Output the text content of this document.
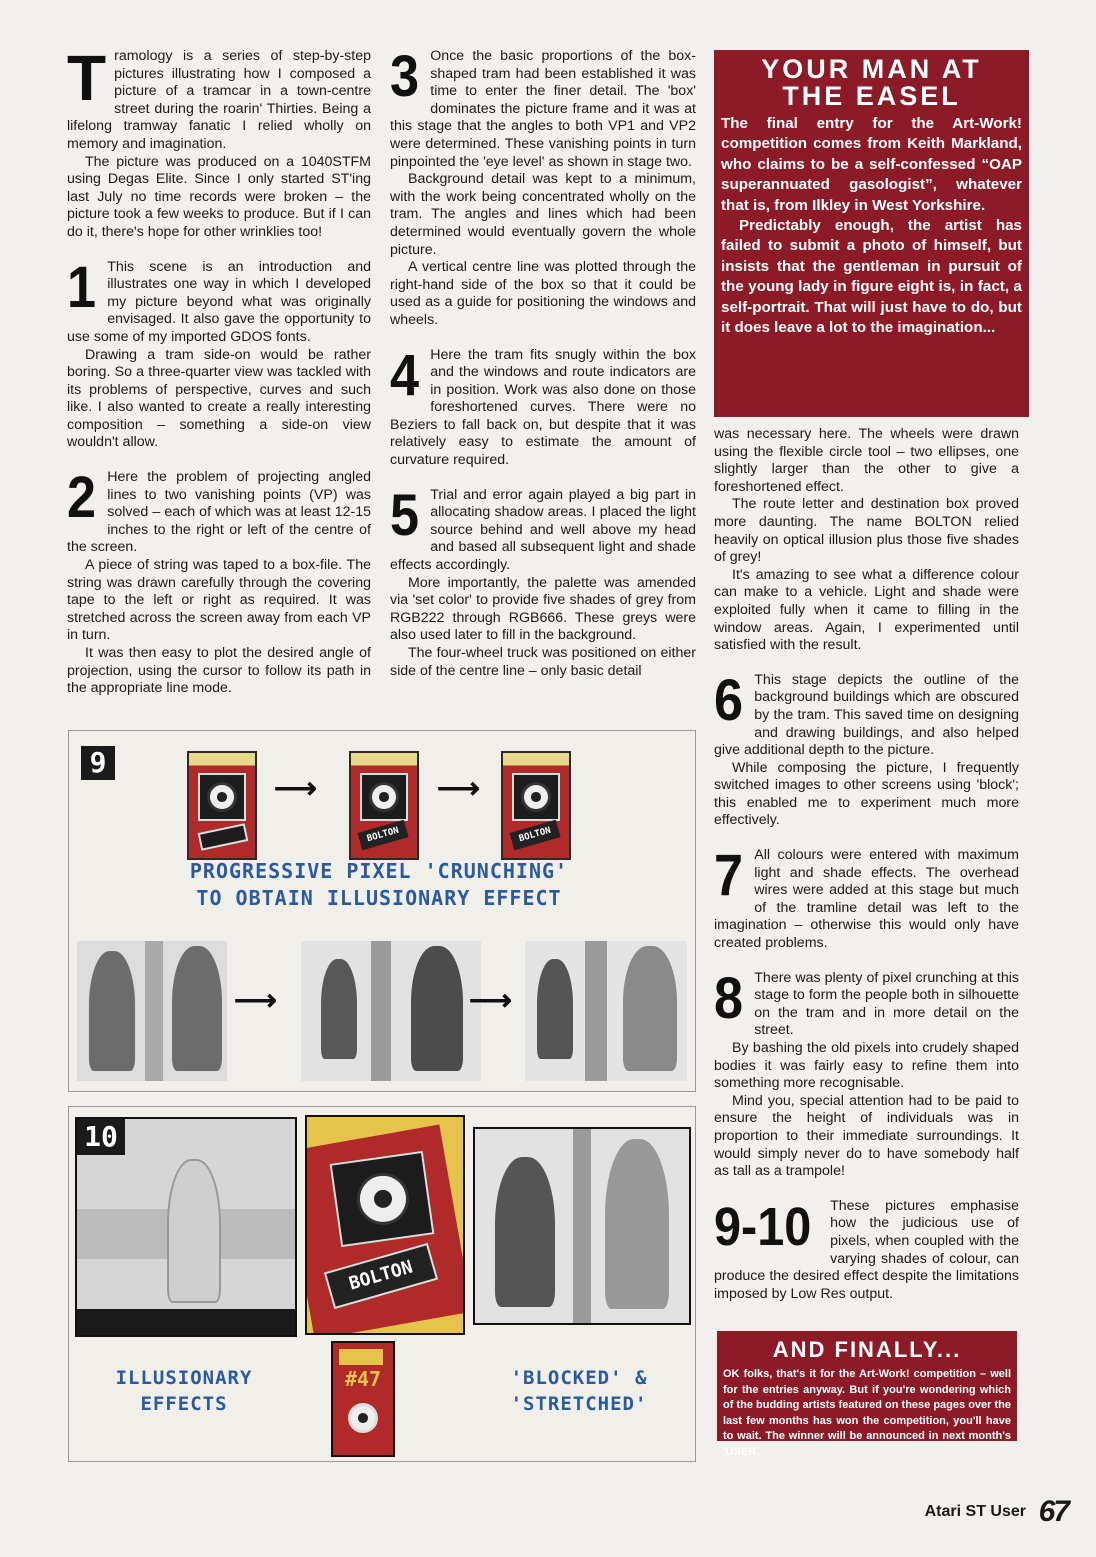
Tramology is a series of step-by-step pictures illustrating how I composed a picture of a tramcar in a town-centre street during the roarin' Thirties. Being a lifelong tramway fanatic I relied wholly on memory and imagination.

The picture was produced on a 1040STFM using Degas Elite. Since I only started ST'ing last July no time records were broken – the picture took a few weeks to produce. But if I can do it, there's hope for other wrinklies too!

1 This scene is an introduction and illustrates one way in which I developed my picture beyond what was originally envisaged. It also gave the opportunity to use some of my imported GDOS fonts.

Drawing a tram side-on would be rather boring. So a three-quarter view was tackled with its problems of perspective, curves and such like. I also wanted to create a really interesting composition – something a side-on view wouldn't allow.

2 Here the problem of projecting angled lines to two vanishing points (VP) was solved – each of which was at least 12-15 inches to the right or left of the centre of the screen.

A piece of string was taped to a box-file. The string was drawn carefully through the covering tape to the left or right as required. It was stretched across the screen away from each VP in turn.

It was then easy to plot the desired angle of projection, using the cursor to follow its path in the appropriate line mode.

3 Once the basic proportions of the box-shaped tram had been established it was time to enter the finer detail. The 'box' dominates the picture frame and it was at this stage that the angles to both VP1 and VP2 were determined. These vanishing points in turn pinpointed the 'eye level' as shown in stage two.

Background detail was kept to a minimum, with the work being concentrated wholly on the tram. The angles and lines which had been determined would eventually govern the whole picture.

A vertical centre line was plotted through the right-hand side of the box so that it could be used as a guide for positioning the windows and wheels.

4 Here the tram fits snugly within the box and the windows and route indicators are in position. Work was also done on those foreshortened curves. There were no Beziers to fall back on, but despite that it was relatively easy to estimate the amount of curvature required.

5 Trial and error again played a big part in allocating shadow areas. I placed the light source behind and well above my head and based all subsequent light and shade effects accordingly.

More importantly, the palette was amended via 'set color' to provide five shades of grey from RGB222 through RGB666. These greys were also used later to fill in the background.

The four-wheel truck was positioned on either side of the centre line – only basic detail

YOUR MAN AT
THE EASEL
The final entry for the Art-Work! competition comes from Keith Markland, who claims to be a self-confessed “OAP superannuated gasologist”, whatever that is, from Ilkley in West Yorkshire.
Predictably enough, the artist has failed to submit a photo of himself, but insists that the gentleman in pursuit of the young lady in figure eight is, in fact, a self-portrait. That will just have to do, but it does leave a lot to the imagination...

was necessary here. The wheels were drawn using the flexible circle tool – two ellipses, one slightly larger than the other to give a foreshortened effect.

The route letter and destination box proved more daunting. The name BOLTON relied heavily on optical illusion plus those five shades of grey!

It's amazing to see what a difference colour can make to a vehicle. Light and shade were exploited fully when it came to filling in the window areas. Again, I experimented until satisfied with the result.

6 This stage depicts the outline of the background buildings which are obscured by the tram. This saved time on designing and drawing buildings, and also helped give additional depth to the picture.

While composing the picture, I frequently switched images to other screens using 'block'; this enabled me to experiment much more effectively.

7 All colours were entered with maximum light and shade effects. The overhead wires were added at this stage but much of the tramline detail was left to the imagination – otherwise this would only have created problems.

8 There was plenty of pixel crunching at this stage to form the people both in silhouette on the tram and in more detail on the street.

By bashing the old pixels into crudely shaped bodies it was fairly easy to refine them into something more recognisable.

Mind you, special attention had to be paid to ensure the height of individuals was in proportion to their immediate surroundings. It would simply never do to have somebody half as tall as a trampole!

9-10 These pictures emphasise how the judicious use of pixels, when coupled with the varying shades of colour, can produce the desired effect despite the limitations imposed by Low Res output.

AND FINALLY...
OK folks, that's it for the Art-Work! competition – well for the entries anyway. But if you're wondering which of the budding artists featured on these pages over the last few months has won the competition, you'll have to wait. The winner will be announced in next month's 'USER.
9
⟶
BOLTON
⟶
BOLTON
PROGRESSIVE PIXEL 'CRUNCHING'
TO OBTAIN ILLUSIONARY EFFECT
⟶	⟶
10
BOLTON
ILLUSIONARY
EFFECTS
#47	'BLOCKED' &
'STRETCHED'
Atari ST User 67
